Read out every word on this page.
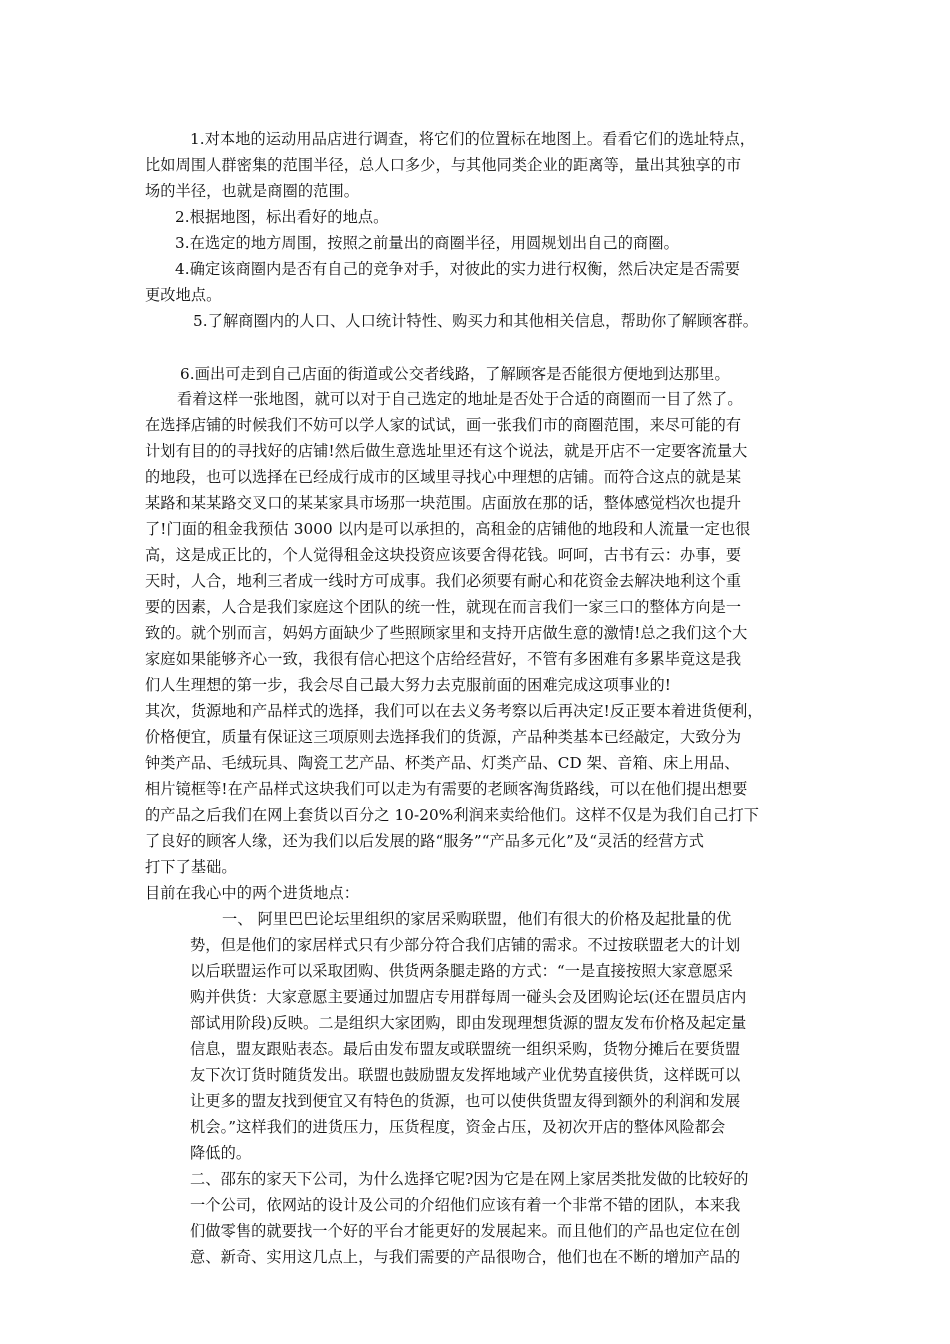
1.对本地的运动用品店进行调查，将它们的位置标在地图上。看看它们的选址特点，
比如周围人群密集的范围半径，总人口多少，与其他同类企业的距离等，量出其独享的市
场的半径，也就是商圈的范围。
2.根据地图，标出看好的地点。
3.在选定的地方周围，按照之前量出的商圈半径，用圆规划出自己的商圈。
4.确定该商圈内是否有自己的竞争对手，对彼此的实力进行权衡，然后决定是否需要
更改地点。
5.了解商圈内的人口、人口统计特性、购买力和其他相关信息，帮助你了解顾客群。
6.画出可走到自己店面的街道或公交者线路，了解顾客是否能很方便地到达那里。
看着这样一张地图，就可以对于自己选定的地址是否处于合适的商圈而一目了然了。
在选择店铺的时候我们不妨可以学人家的试试，画一张我们市的商圈范围，来尽可能的有
计划有目的的寻找好的店铺!然后做生意选址里还有这个说法，就是开店不一定要客流量大
的地段，也可以选择在已经成行成市的区域里寻找心中理想的店铺。而符合这点的就是某
某路和某某路交叉口的某某家具市场那一块范围。店面放在那的话，整体感觉档次也提升
了!门面的租金我预估 3000 以内是可以承担的，高租金的店铺他的地段和人流量一定也很
高，这是成正比的，个人觉得租金这块投资应该要舍得花钱。呵呵，古书有云：办事，要
天时，人合，地利三者成一线时方可成事。我们必须要有耐心和花资金去解决地利这个重
要的因素，人合是我们家庭这个团队的统一性，就现在而言我们一家三口的整体方向是一
致的。就个别而言，妈妈方面缺少了些照顾家里和支持开店做生意的激情!总之我们这个大
家庭如果能够齐心一致，我很有信心把这个店给经营好，不管有多困难有多累毕竟这是我
们人生理想的第一步，我会尽自己最大努力去克服前面的困难完成这项事业的!
其次，货源地和产品样式的选择，我们可以在去义务考察以后再决定!反正要本着进货便利，
价格便宜，质量有保证这三项原则去选择我们的货源，产品种类基本已经敲定，大致分为
钟类产品、毛绒玩具、陶瓷工艺产品、杯类产品、灯类产品、CD 架、音箱、床上用品、
相片镜框等!在产品样式这块我们可以走为有需要的老顾客淘货路线，可以在他们提出想要
的产品之后我们在网上套货以百分之 10-20%利润来卖给他们。这样不仅是为我们自己打下
了良好的顾客人缘，还为我们以后发展的路“服务”“产品多元化”及“灵活的经营方式
打下了基础。
目前在我心中的两个进货地点：
一、 阿里巴巴论坛里组织的家居采购联盟，他们有很大的价格及起批量的优
势，但是他们的家居样式只有少部分符合我们店铺的需求。不过按联盟老大的计划
以后联盟运作可以采取团购、供货两条腿走路的方式：“一是直接按照大家意愿采
购并供货：大家意愿主要通过加盟店专用群每周一碰头会及团购论坛(还在盟员店内
部试用阶段)反映。二是组织大家团购，即由发现理想货源的盟友发布价格及起定量
信息，盟友跟贴表态。最后由发布盟友或联盟统一组织采购，货物分摊后在要货盟
友下次订货时随货发出。联盟也鼓励盟友发挥地域产业优势直接供货，这样既可以
让更多的盟友找到便宜又有特色的货源，也可以使供货盟友得到额外的利润和发展
机会。”这样我们的进货压力，压货程度，资金占压，及初次开店的整体风险都会
降低的。
二、邵东的家天下公司，为什么选择它呢?因为它是在网上家居类批发做的比较好的
一个公司，依网站的设计及公司的介绍他们应该有着一个非常不错的团队，本来我
们做零售的就要找一个好的平台才能更好的发展起来。而且他们的产品也定位在创
意、新奇、实用这几点上，与我们需要的产品很吻合，他们也在不断的增加产品的
